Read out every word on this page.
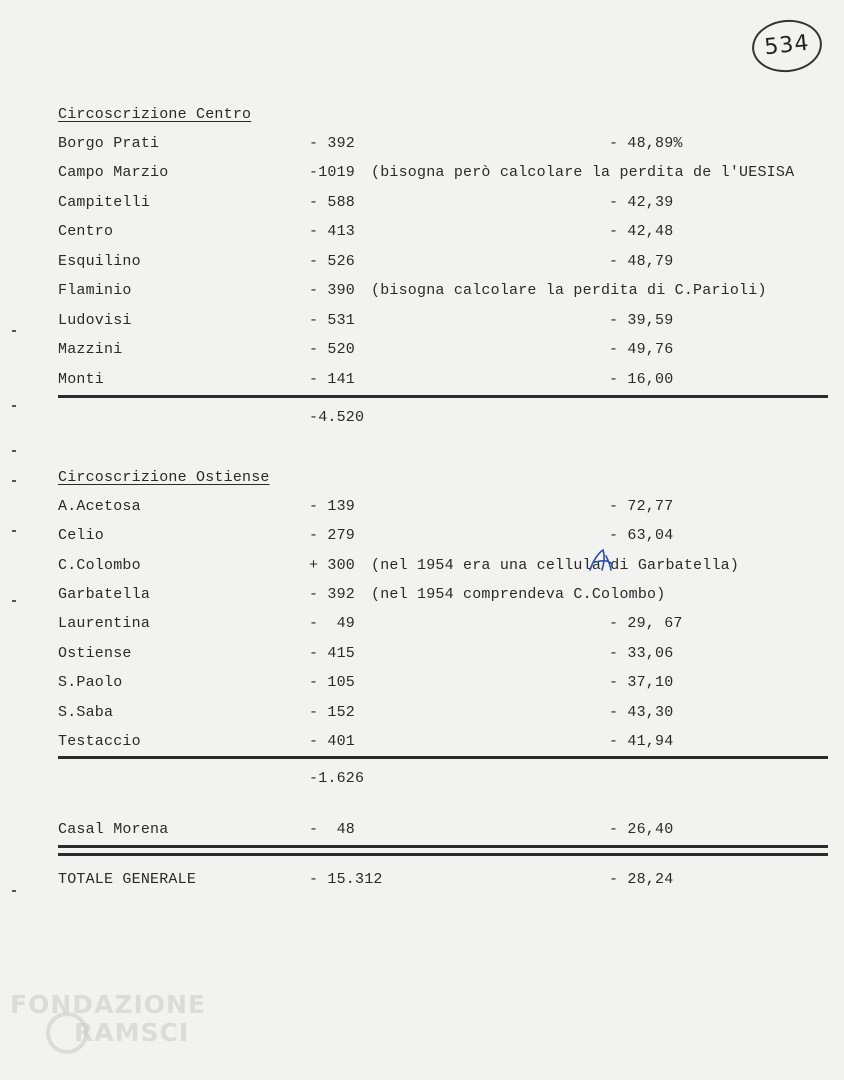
534
Circoscrizione Centro
Borgo Prati	- 392	- 48,89%
Campo Marzio	-1019 (bisogna però calcolare la perdita de l'UESISA
Campitelli	- 588	- 42,39
Centro	- 413	- 42,48
Esquilino	- 526	- 48,79
Flaminio	- 390 (bisogna calcolare la perdita di C.Parioli)
Ludovisi	- 531	- 39,59
Mazzini	- 520	- 49,76
Monti	- 141	- 16,00
-4.520
Circoscrizione Ostiense
A.Acetosa	- 139	- 72,77
Celio	- 279	- 63,04
C.Colombo	+ 300 (nel 1954 era una cellula di Garbatella)
Garbatella	- 392 (nel 1954 comprendeva C.Colombo)
Laurentina	-  49	- 29, 67
Ostiense	- 415	- 33,06
S.Paolo	- 105	- 37,10
S.Saba	- 152	- 43,30
Testaccio	- 401	- 41,94
-1.626
Casal Morena	-  48	- 26,40
TOTALE GENERALE	- 15.312	- 28,24
FONDAZIONE
RAMSCI
